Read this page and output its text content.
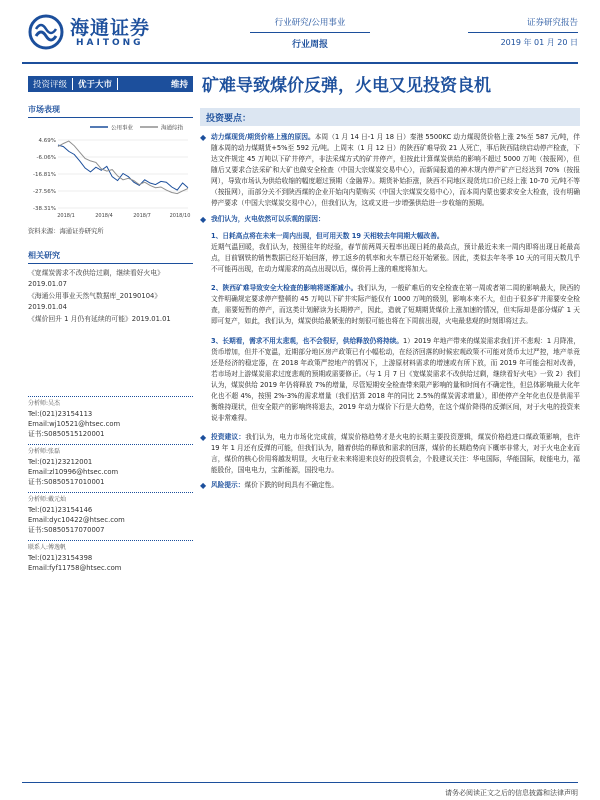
海通证券
HAITONG
行业研究/公用事业
行业周报
证券研究报告
2019 年 01 月 20 日
投资评级	优于大市	维持 矿难导致煤价反弹，火电又见投资良机
市场表现
公用事业	海通综指
4.69%
-6.06%
-16.81%
-27.56%
-38.31%
2018/1	2018/4	2018/7	2018/10
资料来源：海通证券研究所
相关研究
《宽煤炭需求不改供给过剩，继续看好火电》2019.01.07
《海通公用事业天然气数据库_20190104》2019.01.04
《煤价回升 1 月仍有延续的可能》2019.01.01
分析师:吴杰
Tel:(021)23154113
Email:wj10521@htsec.com
证书:S0850515120001
分析师:张磊
Tel:(021)23212001
Email:zl10996@htsec.com
证书:S0850517010001
分析师:戴元灿
Tel:(021)23154146
Email:dyc10422@htsec.com
证书:S0850517070007
联系人:傅逸帆
Tel:(021)23154398
Email:fyf11758@htsec.com
投资要点：
◆ 动力煤现货/期货价格上涨的原因。本周（1 月 14 日-1 月 18 日）秦港 5500KC 动力煤现货价格上涨 2%至 587 元/吨，伴随本周的动力煤期货+5%至 592 元/吨。上周末（1 月 12 日）的陕西矿难导致 21 人死亡，事后陕西陆续启动停产检查，下达文件规定 45 万吨以下矿井停产，非法采煤方式的矿井停产，但按此计算煤炭供给的影响不超过 5000 万吨（按报网），但随后又要求合法采矿和大矿也做安全检查（中国大宗煤炭交易中心），而新闻报道的神木规内停产矿产已经达到 70%（按报网），导致市场认为供给收缩的幅度超过预期（金融界）。期货补始拒涨，陕西不同地区现货坑口价已经上涨 10-70 元/吨不等（按报网），而部分关不到陕西煤的企业开始向内蒙购买（中国大宗煤炭交易中心），而本周内蒙也要求安全大检查，没有明确停产要求（中国大宗煤炭交易中心），但我们认为，这或又进一步增强供给进一步收缩的预期。
◆ 我们认为，火电依然可以乐观的原因：
1、日耗高点将在未来一周内出现，但可用天数 19 天相较去年同期大幅改善。
近期气温回暖，我们认为，按照往年的经验，春节前两周天程率出现日耗的最高点，预计最近未来一周内即将出现日耗最高点，目前钢铁的销售数据已经开始回落，停工返乡的机率和火车票已经开始紧张。因此，类似去年冬季 10 天的可用天数几乎不可能再出现，在动力煤需求的高点出现以后，煤价再上涨的难度将加大。
2、陕西矿难导致安全大检查的影响将逐渐减小。我们认为，一般矿难后的安全检查在第一周或者第二周的影响最大，陕西的文件明确规定要求停产整顿的 45 万吨以下矿井实际产能仅有 1000 万吨的级别，影响本来不大，但由于很多矿井需要安全检查，需要短暂的停产，而这类计划解读为长期停产，因此，造就了短期期货煤价上涨加速的情况，但实际却是部分煤矿 1 天即可复产，如此，我们认为，煤炭供给最紧张的时刻很可能也将在下周前出现，火电最悲观的时刻即将过去。
3、长期看，需求不用太悲观，也不会很好，供给释放仍将持续。1）2019 年地产带来的煤炭需求我们并不悲观：1 月降准，货币增加，但并不宽温，近期部分地区房产政策已有小幅松动，在经济回落的时候宏观政策不可能对货币太过严控，地产单竟还是经济的稳定器，在 2018 年政策严控地产的情况下，上游原材料需求的增速或有所下放，而 2019 年可能会相对改善，若市场对上游煤炭需求过度悲观的预期或需要修正。（与 1 月 7 日《宽煤炭需求不改供给过剩，继续看好火电》一致 2）我们认为，煤炭供给 2019 年仍将释放 7%的增量，尽管短期安全检查带来限产影响的量和时间有不确定性，但总体影响最大化年化也不超 4%，按照 2%-3%的需求增量（我们估算 2018 年的同比 2.5%的煤炭需求增量），即使停产全年化也仅是供需平衡维持现状，但安全限产的影响终将退去，2019 年动力煤价下行是大趋势，在这个煤价降得的反弹区间，对于火电的投资来说非常难得。
◆ 投资建议：我们认为，电力市场化完成前，煤炭价格趋势才是火电的长期主要投资逻辑，煤炭价格趋进口煤政策影响，也许 19 年 1 月还有反弹的可能，但我们认为，随着供给的释放和需求的回落，煤价的长期趋势向下概率非常大，对于火电企业而言，煤价的核心价用将越发明显，火电行业未来将迎来良好的投资机会，个股建议关注：华电国际，华能国际，皖能电力，福能股份，国电电力，宝新能源，国投电力。
◆ 风险提示：煤价下跌的时间具有不确定性。
请务必阅读正文之后的信息披露和法律声明
